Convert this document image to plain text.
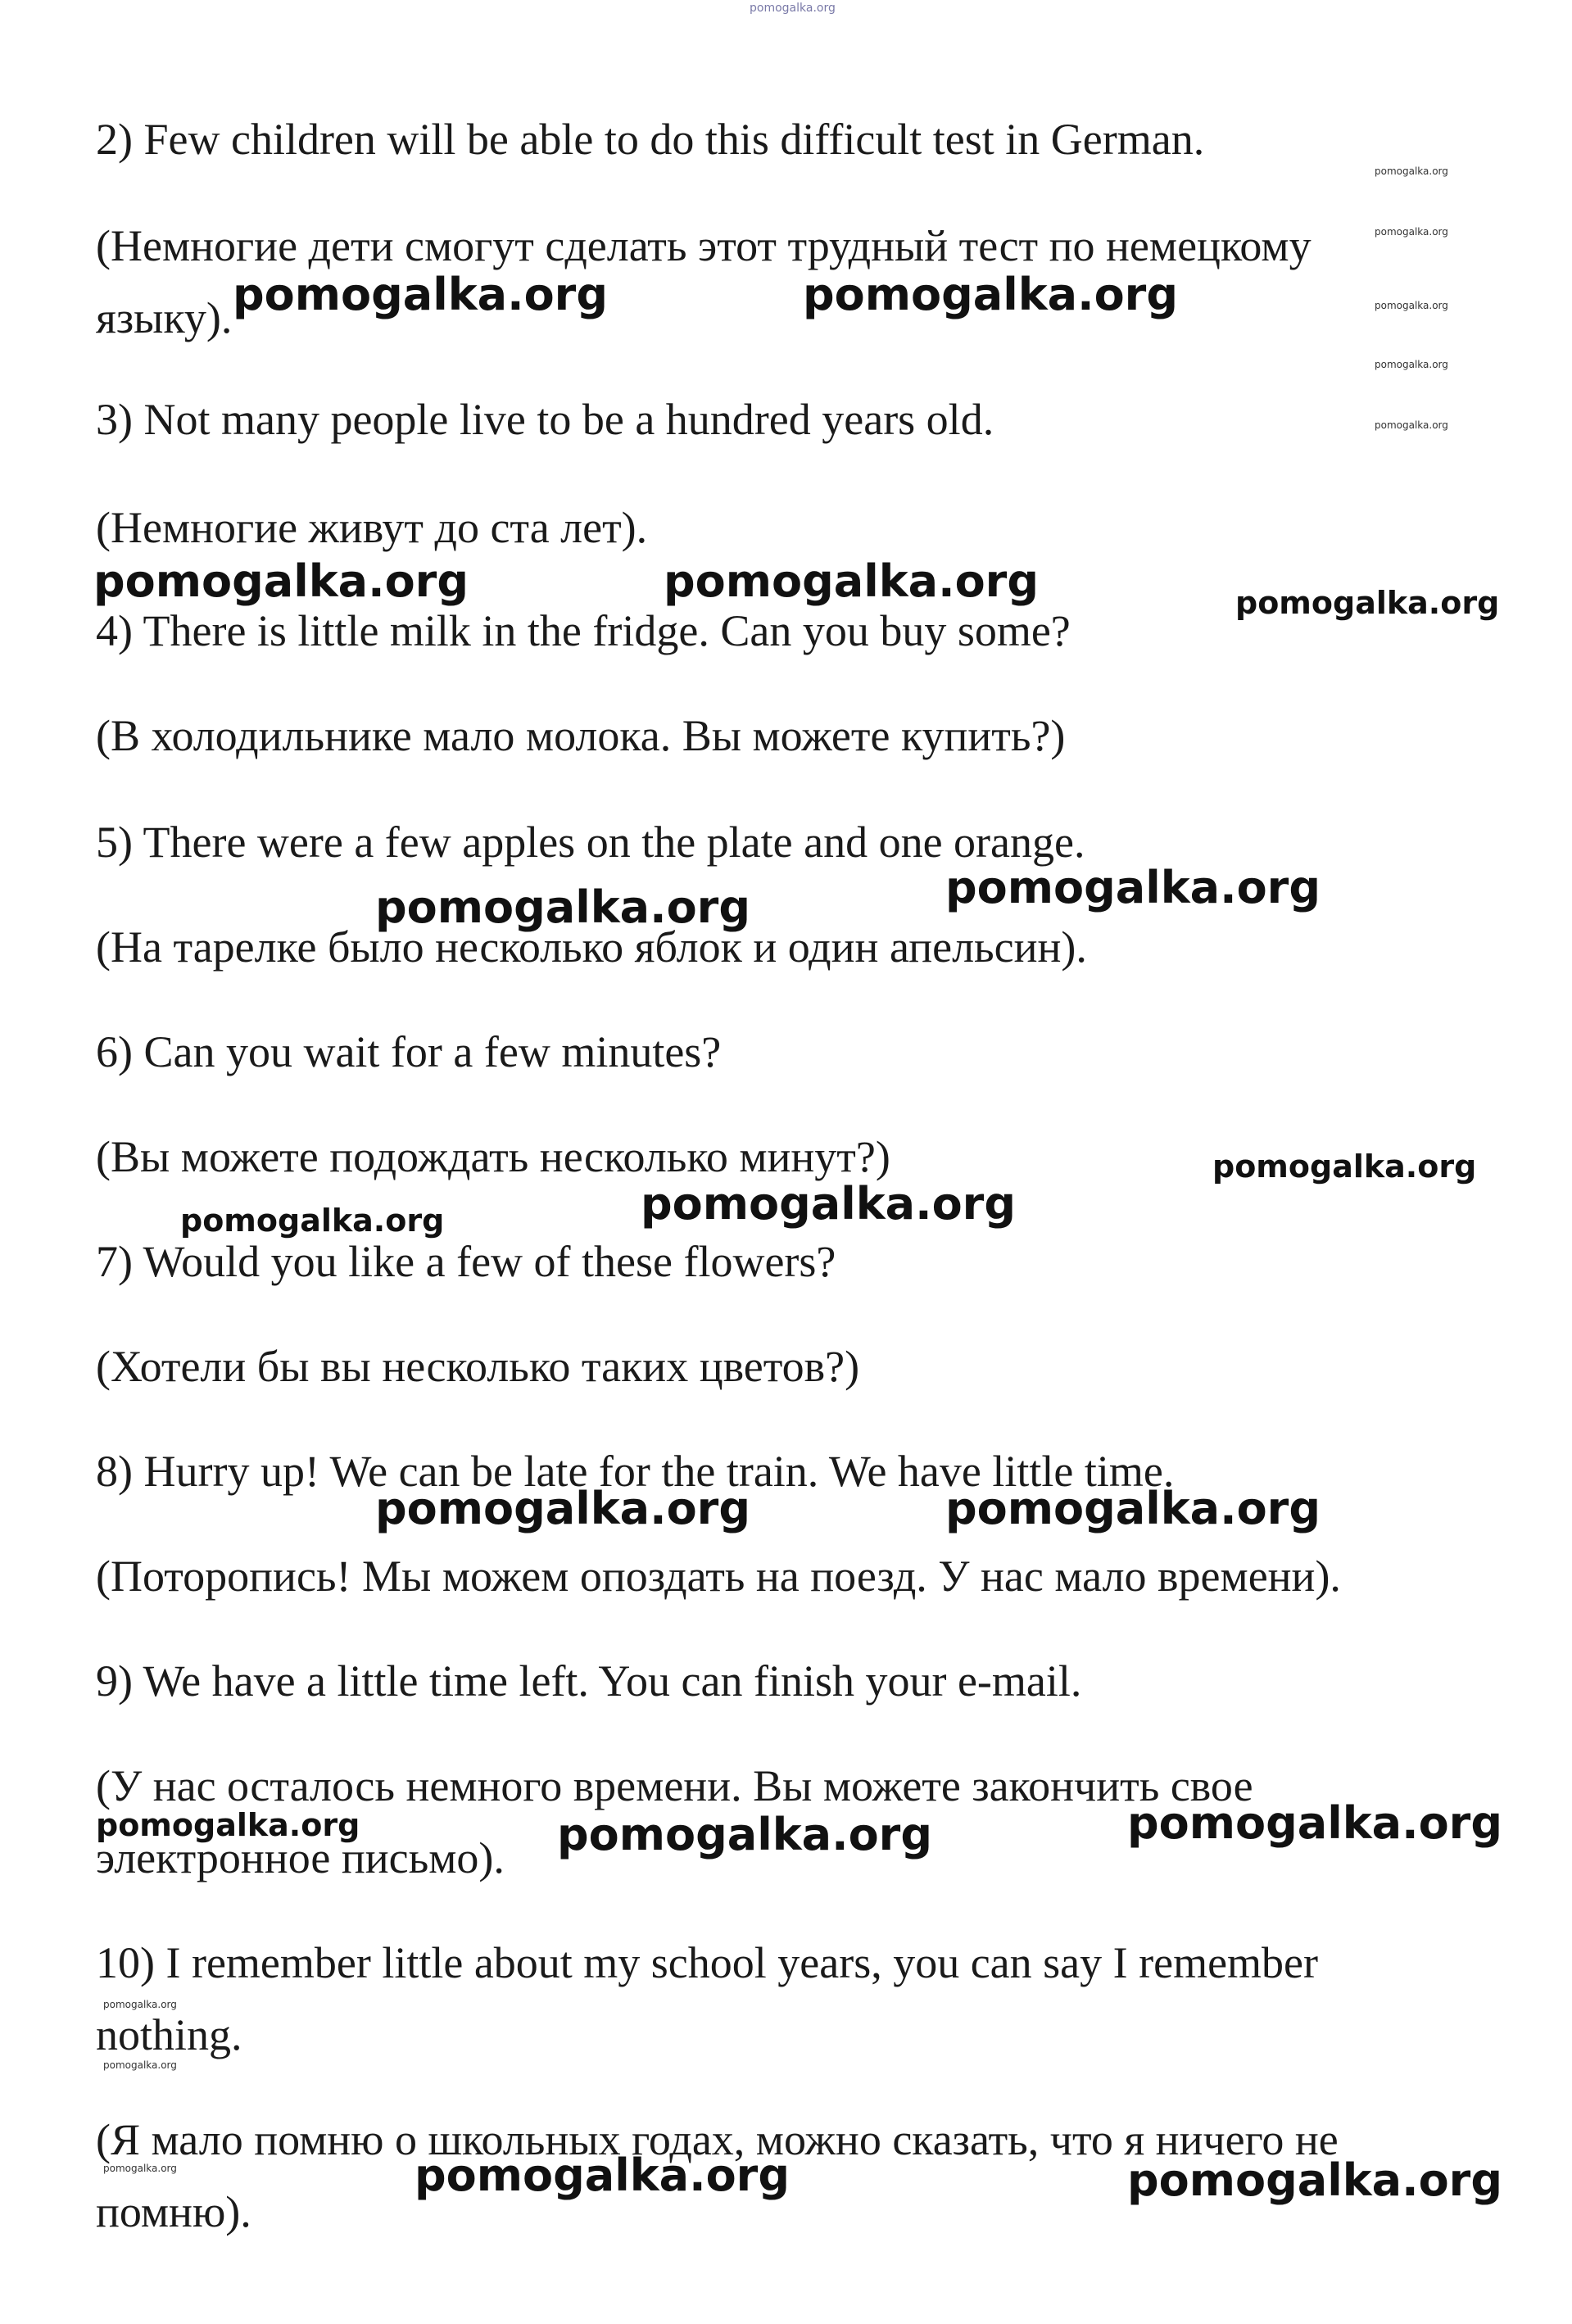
pomogalka.org

2) Few children will be able to do this difficult test in German.

(Немногие дети смогут сделать этот трудный тест по немецкому

языку).

3) Not many people live to be a hundred years old.

(Немногие живут до ста лет).

4) There is little milk in the fridge. Can you buy some?

(В холодильнике мало молока. Вы можете купить?)

5) There were a few apples on the plate and one orange.

(На тарелке было несколько яблок и один апельсин).

6) Can you wait for a few minutes?

(Вы можете подождать несколько минут?)

7) Would you like a few of these flowers?

(Хотели бы вы несколько таких цветов?)

8) Hurry up! We can be late for the train. We have little time.

(Поторопись! Мы можем опоздать на поезд. У нас мало времени).

9) We have a little time left. You can finish your e-mail.

(У нас осталось немного времени. Вы можете закончить свое

электронное письмо).

10) I remember little about my school years, you can say I remember

nothing.

(Я мало помню о школьных годах, можно сказать, что я ничего не

помню).

pomogalka.org	pomogalka.org

pomogalka.org	pomogalka.org

pomogalka.org	pomogalka.org

pomogalka.org

pomogalka.org	pomogalka.org

pomogalka.org	pomogalka.org

pomogalka.org	pomogalka.org

pomogalka.org

pomogalka.org

pomogalka.org

pomogalka.org

pomogalka.org

pomogalka.org

pomogalka.org

pomogalka.org

pomogalka.org

pomogalka.org

pomogalka.org

pomogalka.org
